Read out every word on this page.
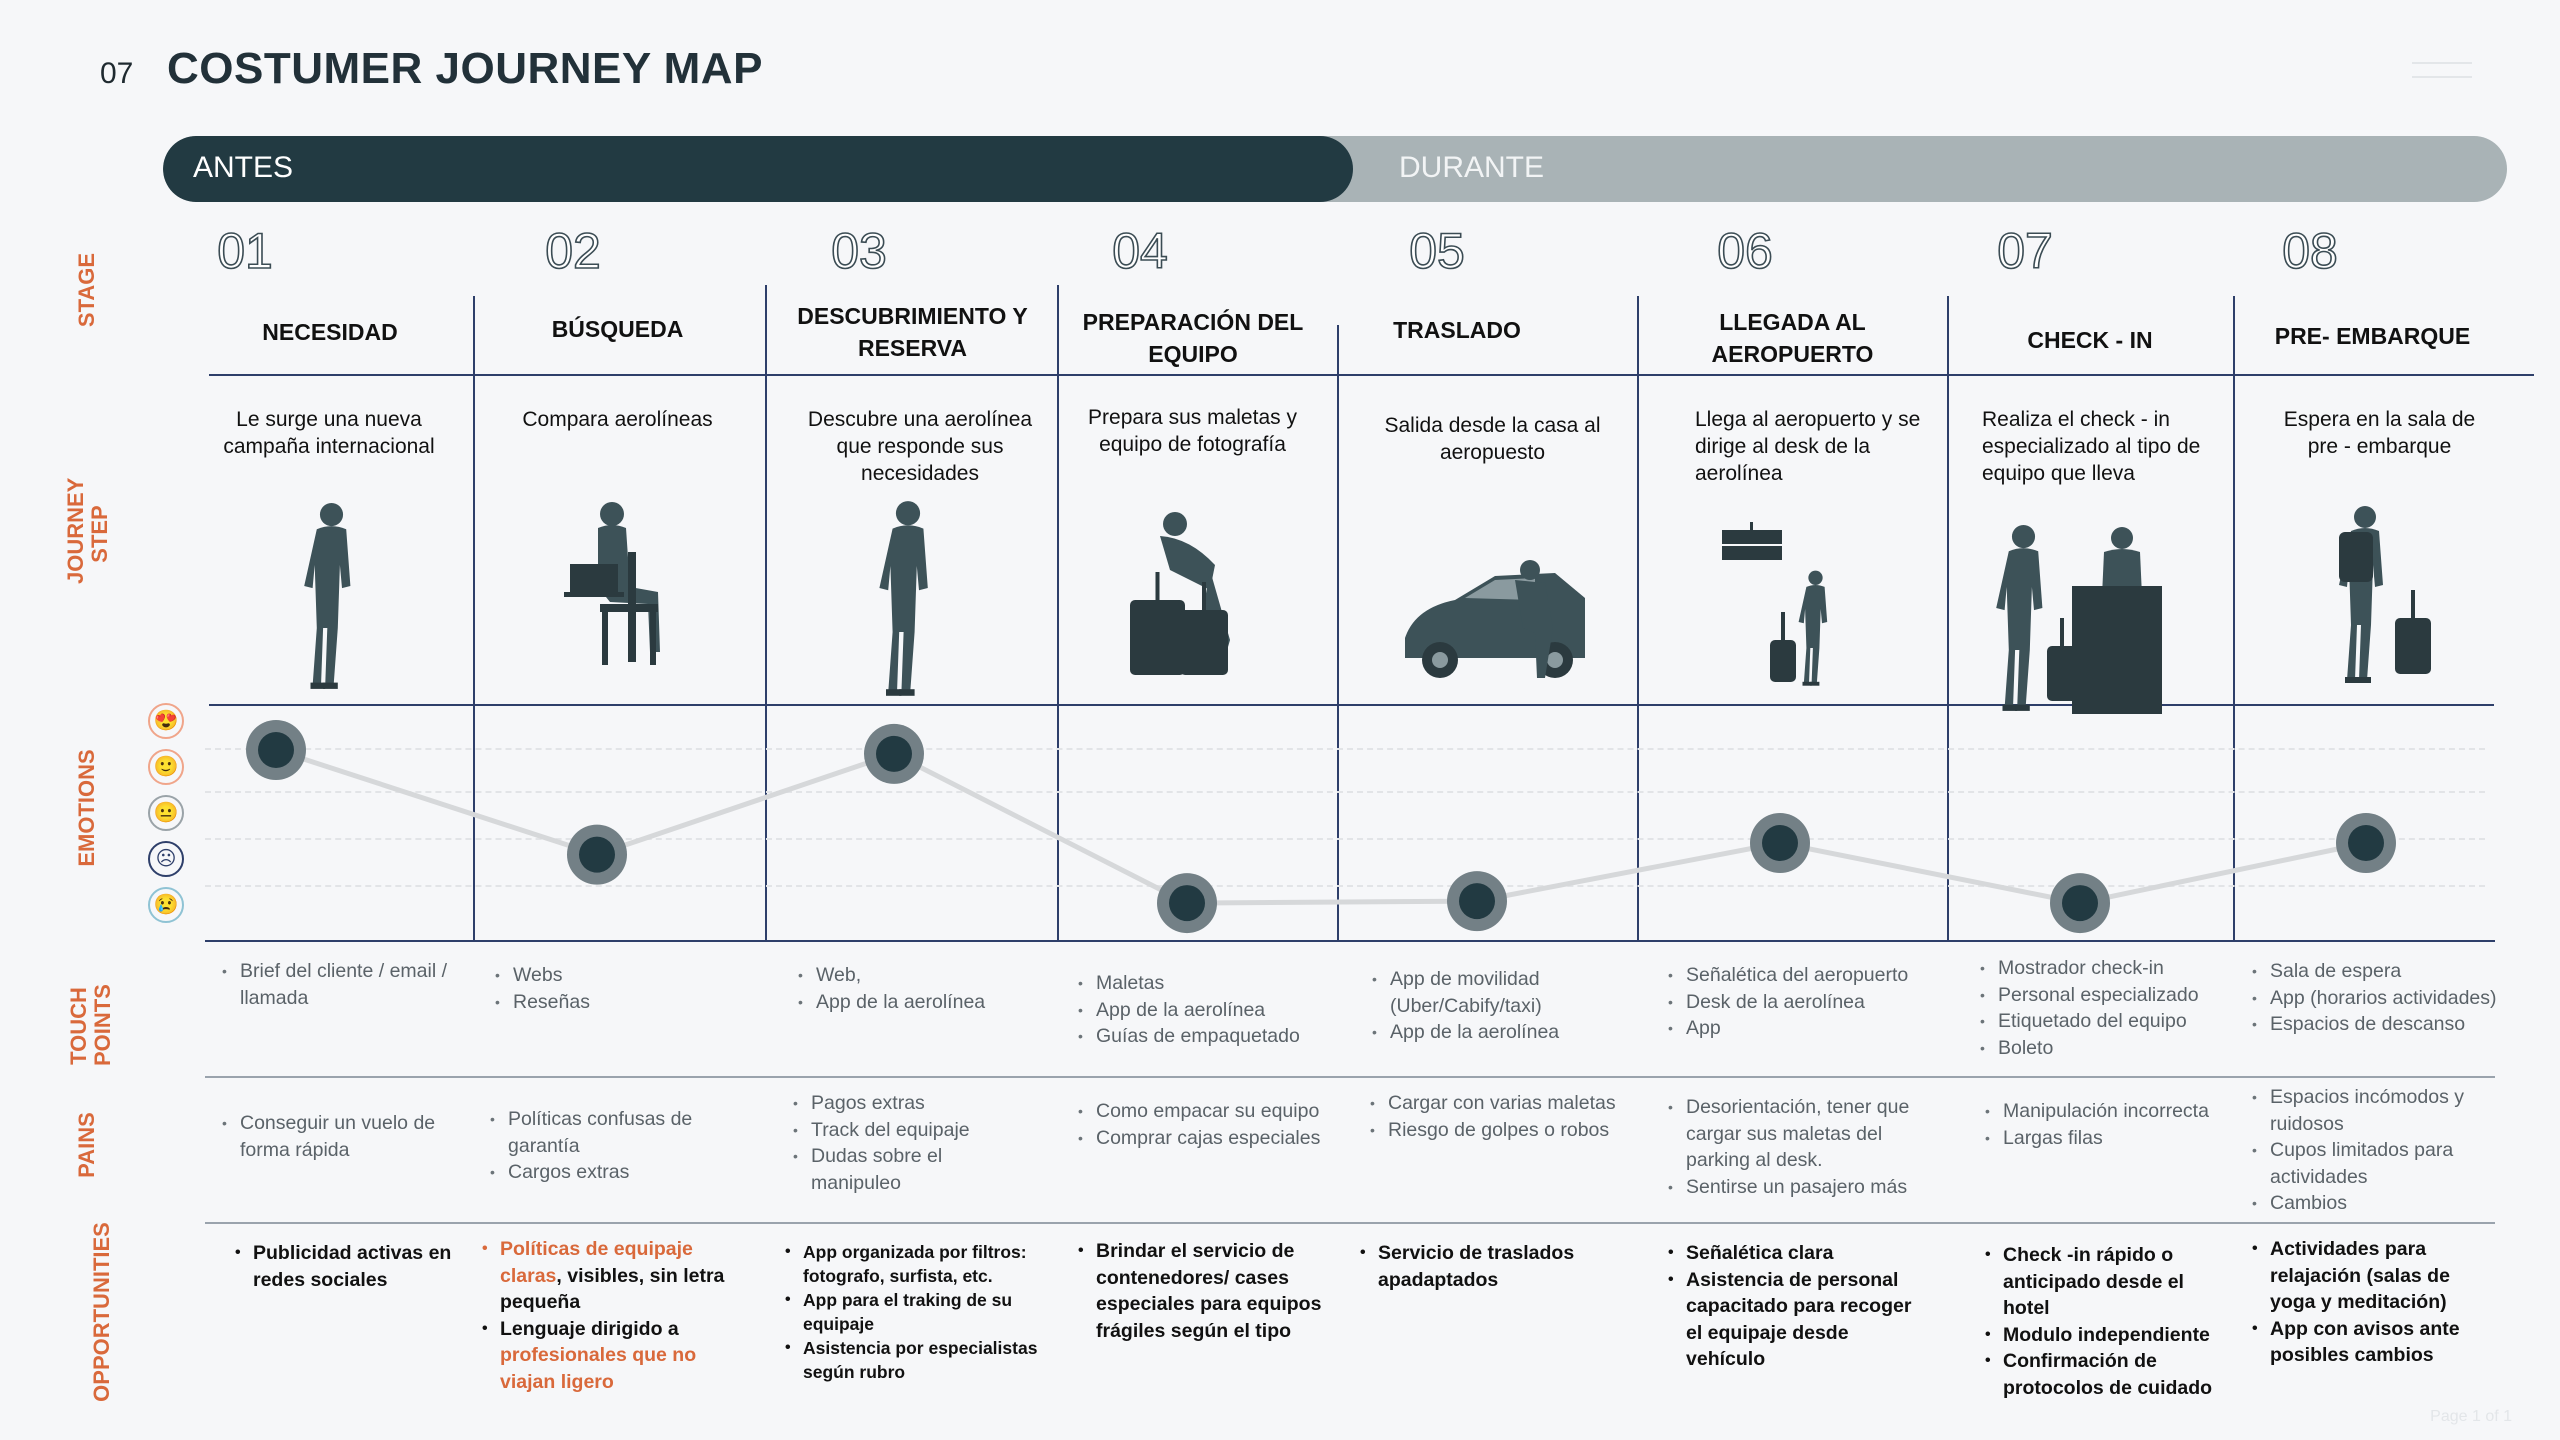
07 COSTUMER JOURNEY MAP
ANTES	DURANTE
STAGE
JOURNEY STEP
EMOTIONS
TOUCH POINTS
PAINS
OPPORTUNITIES
😍
🙂
😐
☹
😢
01
NECESIDAD
Le surge una nueva campaña internacional
• Brief del cliente / email / llamada
• Conseguir un vuelo de forma rápida
• Publicidad activas en redes sociales
02
BÚSQUEDA
Compara aerolíneas
• Webs
• Reseñas
• Políticas confusas de garantía
• Cargos extras
• Políticas de equipaje claras, visibles, sin letra pequeña
• Lenguaje dirigido a profesionales que no viajan ligero
03
DESCUBRIMIENTO Y RESERVA
Descubre una aerolínea que responde sus necesidades
• Web,
• App de la aerolínea
• Pagos extras
• Track del equipaje
• Dudas sobre el manipuleo
• App organizada por filtros: fotografo, surfista, etc.
• App para el traking de su equipaje
• Asistencia por especialistas según rubro
04
PREPARACIÓN DEL EQUIPO
Prepara sus maletas y equipo de fotografía
• Maletas
• App de la aerolínea
• Guías de empaquetado
• Como empacar su equipo
• Comprar cajas especiales
• Brindar el servicio de contenedores/ cases especiales para equipos frágiles según el tipo
05
TRASLADO
Salida desde la casa al aeropuesto
• App de movilidad (Uber/Cabify/taxi)
• App de la aerolínea
• Cargar con varias maletas
• Riesgo de golpes o robos
• Servicio de traslados apadaptados
06
LLEGADA AL AEROPUERTO
Llega al aeropuerto y se dirige al desk de la aerolínea
• Señalética del aeropuerto
• Desk de la aerolínea
• App
• Desorientación, tener que cargar sus maletas del parking al desk.
• Sentirse un pasajero más
• Señalética clara
• Asistencia de personal capacitado para recoger el equipaje desde vehículo
07
CHECK - IN
Realiza el check - in especializado al tipo de equipo que lleva
• Mostrador check-in
• Personal especializado
• Etiquetado del equipo
• Boleto
• Manipulación incorrecta
• Largas filas
• Check -in rápido o anticipado desde el hotel
• Modulo independiente
• Confirmación de protocolos de cuidado
08
PRE- EMBARQUE
Espera en la sala de pre - embarque
• Sala de espera
• App (horarios actividades)
• Espacios de descanso
• Espacios incómodos y ruidosos
• Cupos limitados para actividades
• Cambios
• Actividades para relajación (salas de yoga y meditación)
• App con avisos ante posibles cambios
Page 1 of 1
